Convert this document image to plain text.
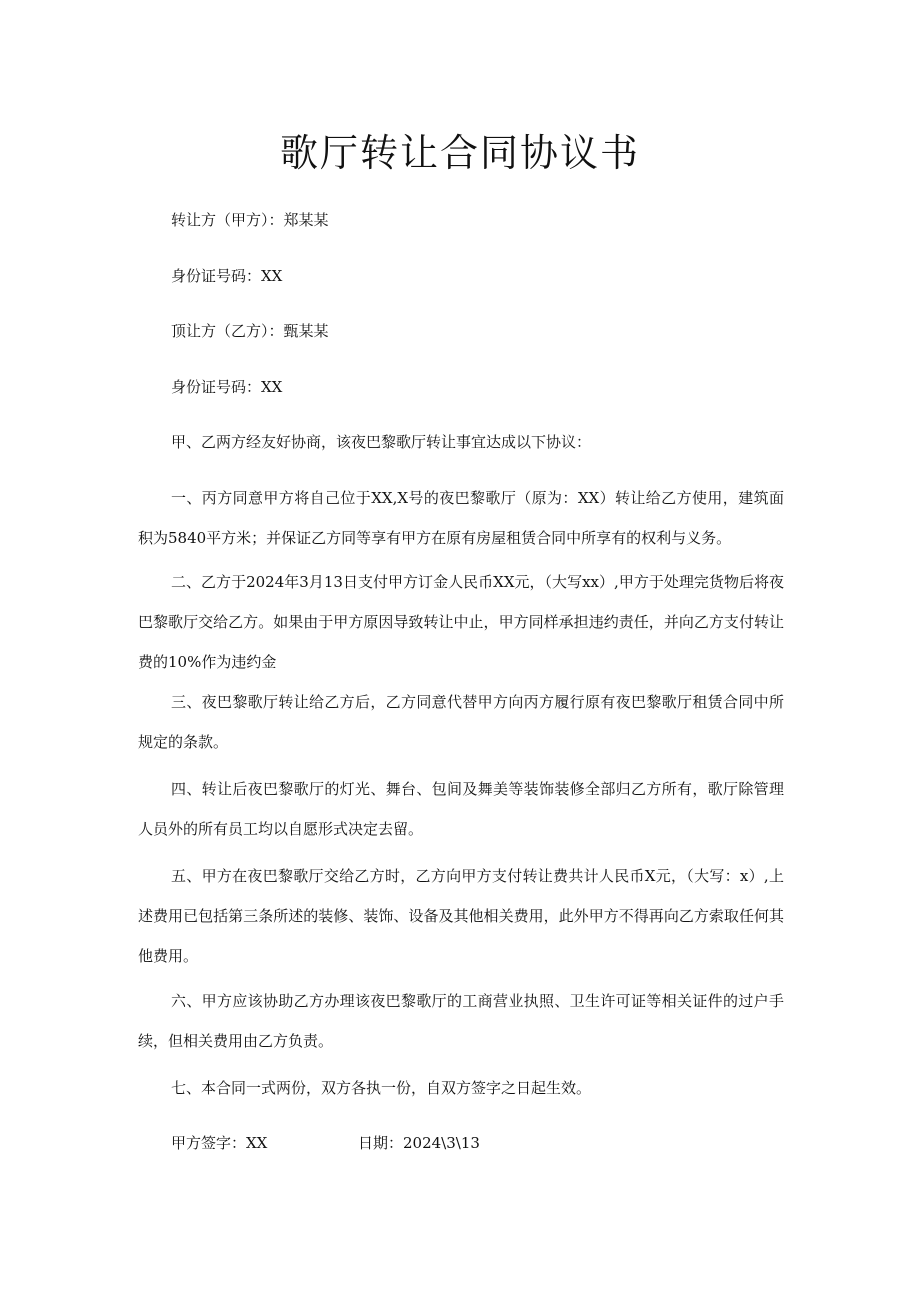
歌厅转让合同协议书
转让方（甲方）：郑某某
身份证号码：XX
顶让方（乙方）：甄某某
身份证号码：XX
甲、乙两方经友好协商，该夜巴黎歌厅转让事宜达成以下协议：

一、丙方同意甲方将自己位于XX,X号的夜巴黎歌厅（原为：XX）转让给乙方使用，建筑面积为5840平方米；并保证乙方同等享有甲方在原有房屋租赁合同中所享有的权利与义务。

二、乙方于2024年3月13日支付甲方订金人民币XX元，（大写xx）,甲方于处理完货物后将夜巴黎歌厅交给乙方。如果由于甲方原因导致转让中止，甲方同样承担违约责任，并向乙方支付转让费的10%作为违约金

三、夜巴黎歌厅转让给乙方后，乙方同意代替甲方向丙方履行原有夜巴黎歌厅租赁合同中所规定的条款。

四、转让后夜巴黎歌厅的灯光、舞台、包间及舞美等装饰装修全部归乙方所有，歌厅除管理人员外的所有员工均以自愿形式决定去留。

五、甲方在夜巴黎歌厅交给乙方时，乙方向甲方支付转让费共计人民币X元，（大写：x）,上述费用已包括第三条所述的装修、装饰、设备及其他相关费用，此外甲方不得再向乙方索取任何其他费用。

六、甲方应该协助乙方办理该夜巴黎歌厅的工商营业执照、卫生许可证等相关证件的过户手续，但相关费用由乙方负责。

七、本合同一式两份，双方各执一份，自双方签字之日起生效。

甲方签字：XX	日期：2024\3\13
